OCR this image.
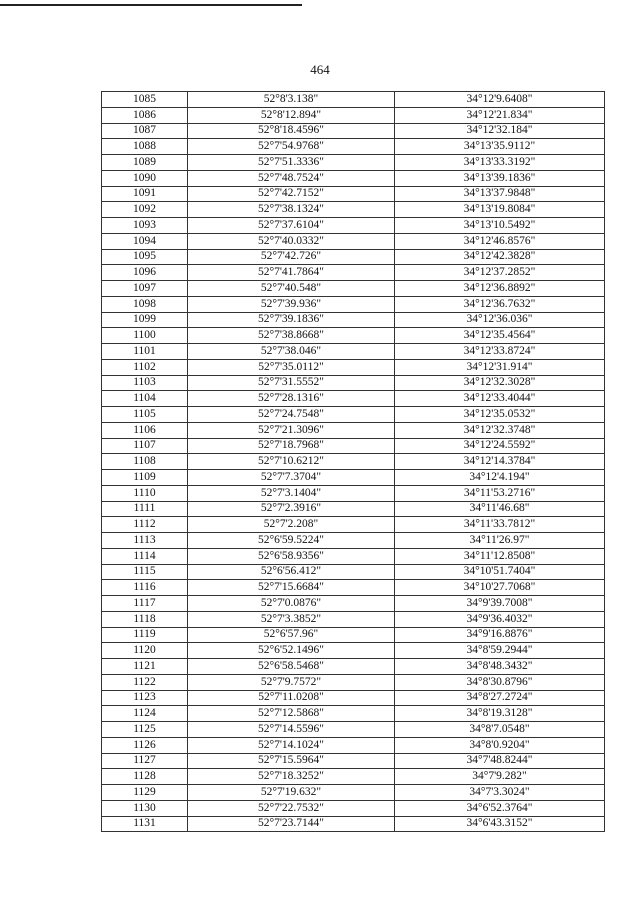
464
1085	52°8'3.138"	34°12'9.6408"
1086	52°8'12.894"	34°12'21.834"
1087	52°8'18.4596"	34°12'32.184"
1088	52°7'54.9768"	34°13'35.9112"
1089	52°7'51.3336"	34°13'33.3192"
1090	52°7'48.7524"	34°13'39.1836"
1091	52°7'42.7152"	34°13'37.9848"
1092	52°7'38.1324"	34°13'19.8084"
1093	52°7'37.6104"	34°13'10.5492"
1094	52°7'40.0332"	34°12'46.8576"
1095	52°7'42.726"	34°12'42.3828"
1096	52°7'41.7864"	34°12'37.2852"
1097	52°7'40.548"	34°12'36.8892"
1098	52°7'39.936"	34°12'36.7632"
1099	52°7'39.1836"	34°12'36.036"
1100	52°7'38.8668"	34°12'35.4564"
1101	52°7'38.046"	34°12'33.8724"
1102	52°7'35.0112"	34°12'31.914"
1103	52°7'31.5552"	34°12'32.3028"
1104	52°7'28.1316"	34°12'33.4044"
1105	52°7'24.7548"	34°12'35.0532"
1106	52°7'21.3096"	34°12'32.3748"
1107	52°7'18.7968"	34°12'24.5592"
1108	52°7'10.6212"	34°12'14.3784"
1109	52°7'7.3704"	34°12'4.194"
1110	52°7'3.1404"	34°11'53.2716"
1111	52°7'2.3916"	34°11'46.68"
1112	52°7'2.208"	34°11'33.7812"
1113	52°6'59.5224"	34°11'26.97"
1114	52°6'58.9356"	34°11'12.8508"
1115	52°6'56.412"	34°10'51.7404"
1116	52°7'15.6684"	34°10'27.7068"
1117	52°7'0.0876"	34°9'39.7008"
1118	52°7'3.3852"	34°9'36.4032"
1119	52°6'57.96"	34°9'16.8876"
1120	52°6'52.1496"	34°8'59.2944"
1121	52°6'58.5468"	34°8'48.3432"
1122	52°7'9.7572"	34°8'30.8796"
1123	52°7'11.0208"	34°8'27.2724"
1124	52°7'12.5868"	34°8'19.3128"
1125	52°7'14.5596"	34°8'7.0548"
1126	52°7'14.1024"	34°8'0.9204"
1127	52°7'15.5964"	34°7'48.8244"
1128	52°7'18.3252"	34°7'9.282"
1129	52°7'19.632"	34°7'3.3024"
1130	52°7'22.7532"	34°6'52.3764"
1131	52°7'23.7144"	34°6'43.3152"
